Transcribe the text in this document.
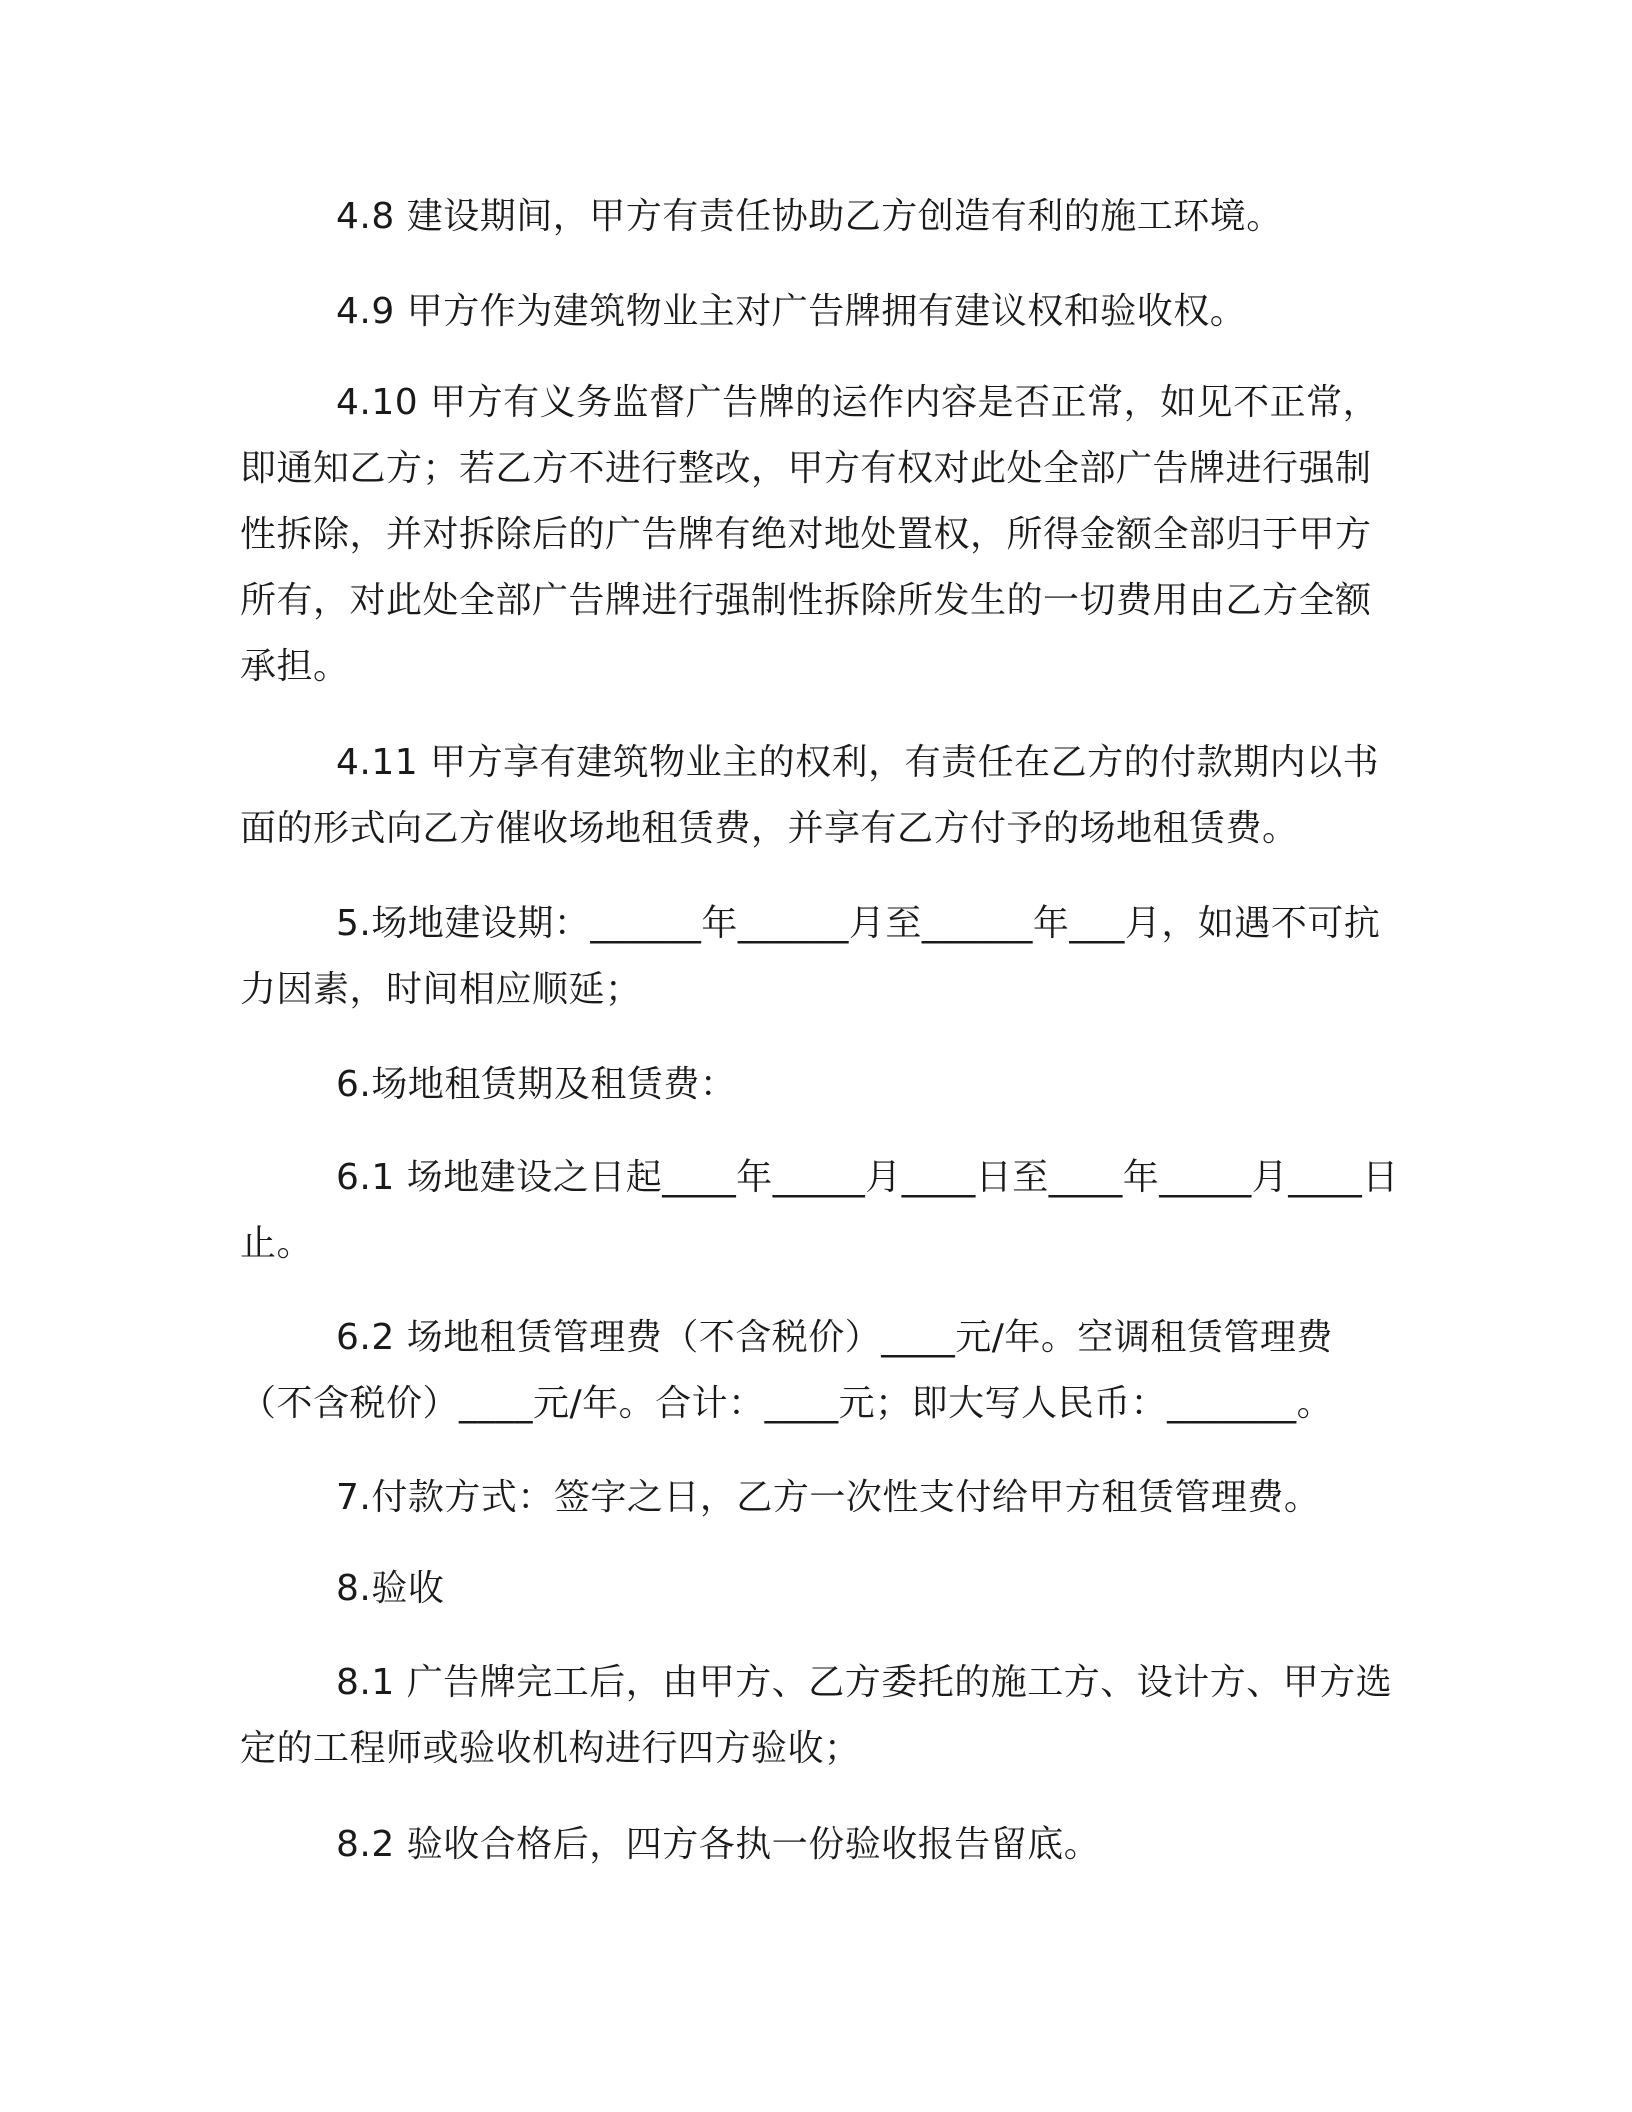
4.8 建设期间，甲方有责任协助乙方创造有利的施工环境。

4.9 甲方作为建筑物业主对广告牌拥有建议权和验收权。

4.10 甲方有义务监督广告牌的运作内容是否正常，如见不正常，即通知乙方；若乙方不进行整改，甲方有权对此处全部广告牌进行强制性拆除，并对拆除后的广告牌有绝对地处置权，所得金额全部归于甲方所有，对此处全部广告牌进行强制性拆除所发生的一切费用由乙方全额承担。

4.11 甲方享有建筑物业主的权利，有责任在乙方的付款期内以书面的形式向乙方催收场地租赁费，并享有乙方付予的场地租赁费。

5.场地建设期：______年______月至______年___月，如遇不可抗力因素，时间相应顺延；

6.场地租赁期及租赁费：

6.1 场地建设之日起____年_____月____日至____年_____月____日止。

6.2 场地租赁管理费（不含税价）____元/年。空调租赁管理费（不含税价）____元/年。合计：____元；即大写人民币：_______。

7.付款方式：签字之日，乙方一次性支付给甲方租赁管理费。

8.验收

8.1 广告牌完工后，由甲方、乙方委托的施工方、设计方、甲方选定的工程师或验收机构进行四方验收；

8.2 验收合格后，四方各执一份验收报告留底。
